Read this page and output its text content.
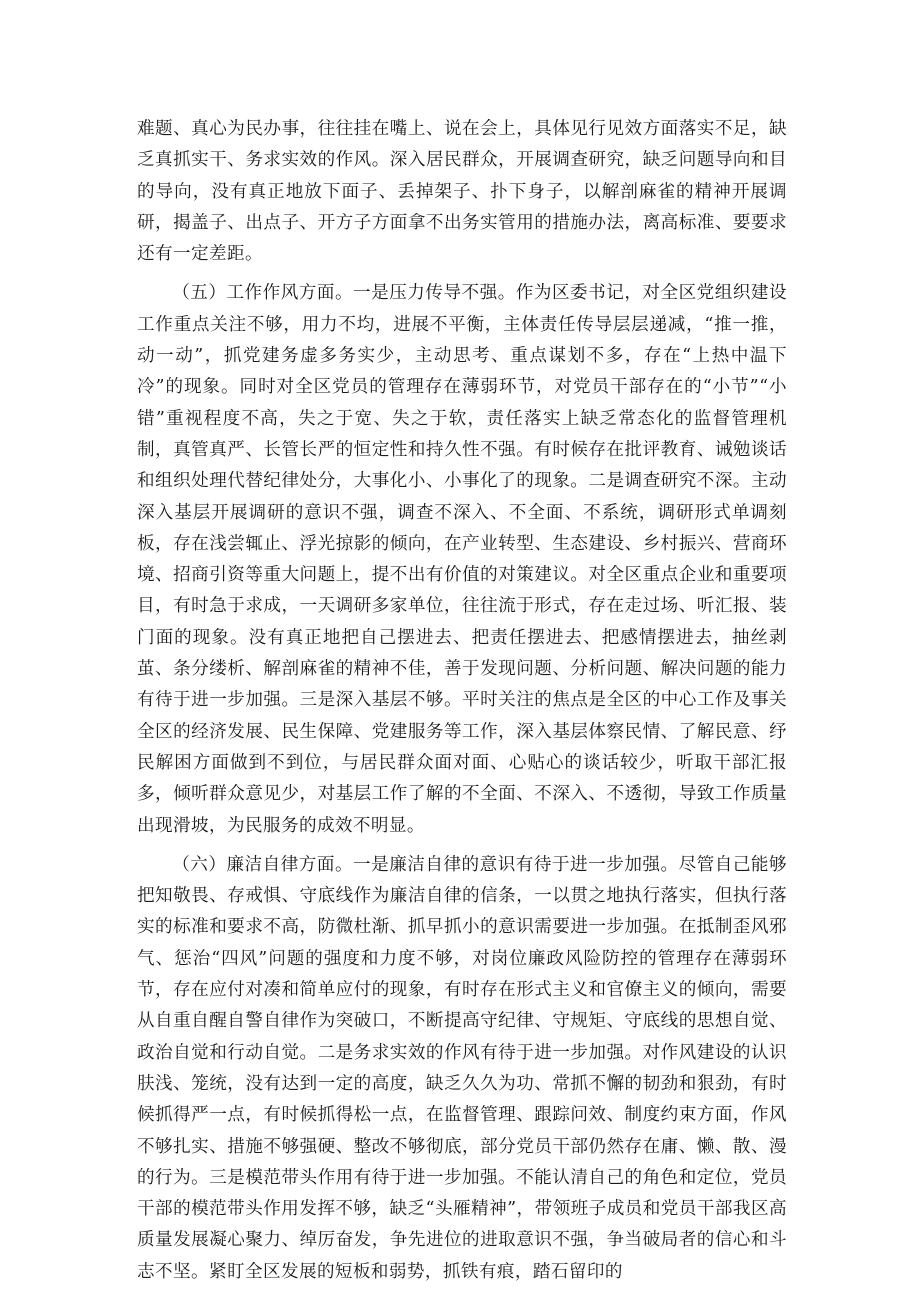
难题、真心为民办事，往往挂在嘴上、说在会上，具体见行见效方面落实不足，缺乏真抓实干、务求实效的作风。深入居民群众，开展调查研究，缺乏问题导向和目的导向，没有真正地放下面子、丢掉架子、扑下身子，以解剖麻雀的精神开展调研，揭盖子、出点子、开方子方面拿不出务实管用的措施办法，离高标准、要要求还有一定差距。

（五）工作作风方面。一是压力传导不强。作为区委书记，对全区党组织建设工作重点关注不够，用力不均，进展不平衡，主体责任传导层层递减，“推一推，动一动”，抓党建务虚多务实少，主动思考、重点谋划不多，存在“上热中温下冷”的现象。同时对全区党员的管理存在薄弱环节，对党员干部存在的“小节”“小错”重视程度不高，失之于宽、失之于软，责任落实上缺乏常态化的监督管理机制，真管真严、长管长严的恒定性和持久性不强。有时候存在批评教育、诫勉谈话和组织处理代替纪律处分，大事化小、小事化了的现象。二是调查研究不深。主动深入基层开展调研的意识不强，调查不深入、不全面、不系统，调研形式单调刻板，存在浅尝辄止、浮光掠影的倾向，在产业转型、生态建设、乡村振兴、营商环境、招商引资等重大问题上，提不出有价值的对策建议。对全区重点企业和重要项目，有时急于求成，一天调研多家单位，往往流于形式，存在走过场、听汇报、装门面的现象。没有真正地把自己摆进去、把责任摆进去、把感情摆进去，抽丝剥茧、条分缕析、解剖麻雀的精神不佳，善于发现问题、分析问题、解决问题的能力有待于进一步加强。三是深入基层不够。平时关注的焦点是全区的中心工作及事关全区的经济发展、民生保障、党建服务等工作，深入基层体察民情、了解民意、纾民解困方面做到不到位，与居民群众面对面、心贴心的谈话较少，听取干部汇报多，倾听群众意见少，对基层工作了解的不全面、不深入、不透彻，导致工作质量出现滑坡，为民服务的成效不明显。

（六）廉洁自律方面。一是廉洁自律的意识有待于进一步加强。尽管自己能够把知敬畏、存戒惧、守底线作为廉洁自律的信条，一以贯之地执行落实，但执行落实的标准和要求不高，防微杜渐、抓早抓小的意识需要进一步加强。在抵制歪风邪气、惩治“四风”问题的强度和力度不够，对岗位廉政风险防控的管理存在薄弱环节，存在应付对凑和简单应付的现象，有时存在形式主义和官僚主义的倾向，需要从自重自醒自警自律作为突破口，不断提高守纪律、守规矩、守底线的思想自觉、政治自觉和行动自觉。二是务求实效的作风有待于进一步加强。对作风建设的认识肤浅、笼统，没有达到一定的高度，缺乏久久为功、常抓不懈的韧劲和狠劲，有时候抓得严一点，有时候抓得松一点，在监督管理、跟踪问效、制度约束方面，作风不够扎实、措施不够强硬、整改不够彻底，部分党员干部仍然存在庸、懒、散、漫的行为。三是模范带头作用有待于进一步加强。不能认清自己的角色和定位，党员干部的模范带头作用发挥不够，缺乏“头雁精神”，带领班子成员和党员干部我区高质量发展凝心聚力、绰厉奋发，争先进位的进取意识不强，争当破局者的信心和斗志不坚。紧盯全区发展的短板和弱势，抓铁有痕，踏石留印的
